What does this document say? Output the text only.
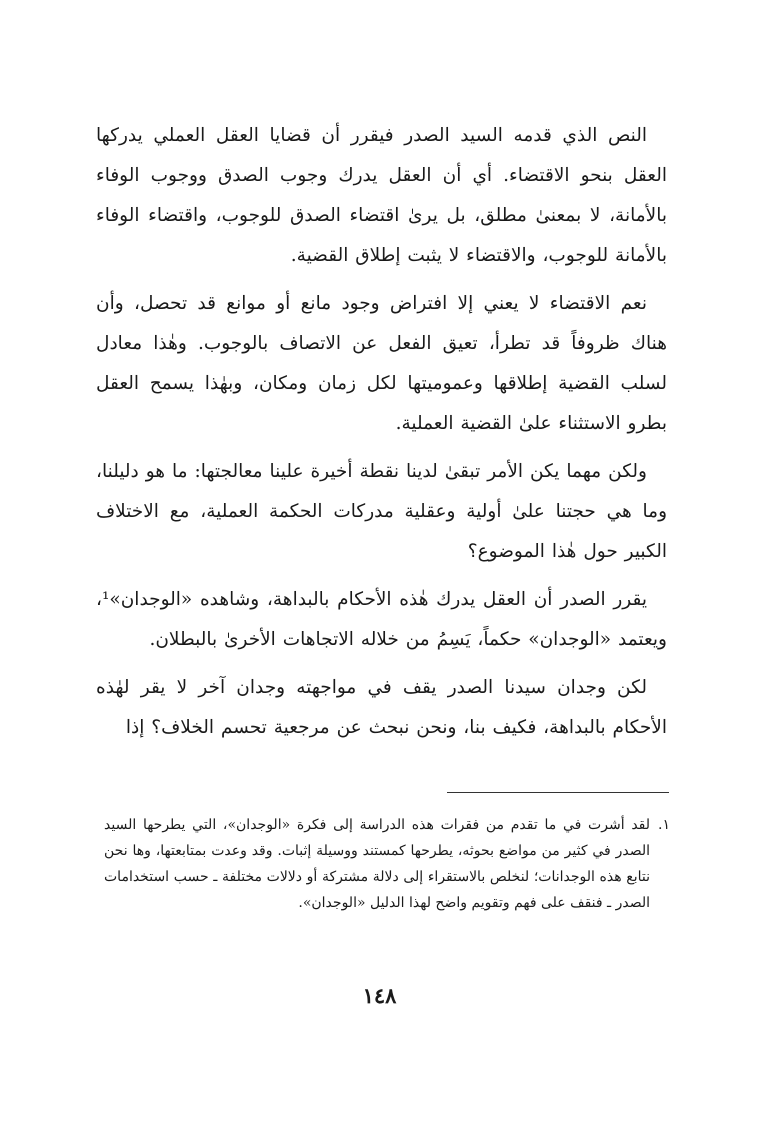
النص الذي قدمه السيد الصدر فيقرر أن قضايا العقل العملي يدركها العقل بنحو الاقتضاء. أي أن العقل يدرك وجوب الصدق ووجوب الوفاء بالأمانة، لا بمعنىٰ مطلق، بل يرىٰ اقتضاء الصدق للوجوب، واقتضاء الوفاء بالأمانة للوجوب، والاقتضاء لا يثبت إطلاق القضية.

نعم الاقتضاء لا يعني إلا افتراض وجود مانع أو موانع قد تحصل، وأن هناك ظروفاً قد تطرأ، تعيق الفعل عن الاتصاف بالوجوب. وهٰذا معادل لسلب القضية إطلاقها وعموميتها لكل زمان ومكان، وبهٰذا يسمح العقل بطرو الاستثناء علىٰ القضية العملية.

ولكن مهما يكن الأمر تبقىٰ لدينا نقطة أخيرة علينا معالجتها: ما هو دليلنا، وما هي حجتنا علىٰ أولية وعقلية مدركات الحكمة العملية، مع الاختلاف الكبير حول هٰذا الموضوع؟

يقرر الصدر أن العقل يدرك هٰذه الأحكام بالبداهة، وشاهده «الوجدان»¹، ويعتمد «الوجدان» حكماً، يَسِمُ من خلاله الاتجاهات الأخرىٰ بالبطلان.

لكن وجدان سيدنا الصدر يقف في مواجهته وجدان آخر لا يقر لهٰذه الأحكام بالبداهة، فكيف بنا، ونحن نبحث عن مرجعية تحسم الخلاف؟ إذا

١.
لقد أشرت في ما تقدم من فقرات هذه الدراسة إلى فكرة «الوجدان»، التي يطرحها السيد الصدر في كثير من مواضع بحوثه، يطرحها كمستند ووسيلة إثبات. وقد وعدت بمتابعتها، وها نحن نتابع هذه الوجدانات؛ لنخلص بالاستقراء إلى دلالة مشتركة أو دلالات مختلفة ـ حسب استخدامات الصدر ـ فنقف على فهم وتقويم واضح لهذا الدليل «الوجدان».

١٤٨
